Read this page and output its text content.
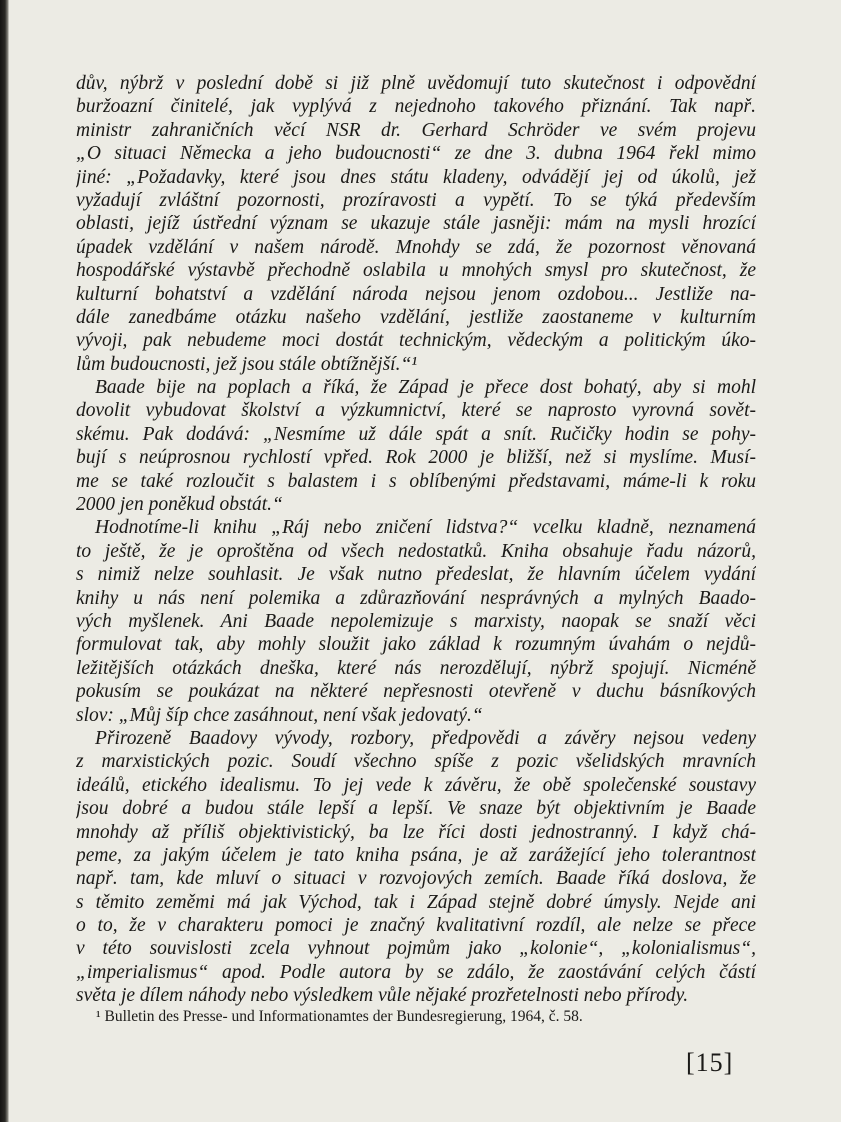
dův, nýbrž v poslední době si již plně uvědomují tuto skutečnost i odpovědní
buržoazní činitelé, jak vyplývá z nejednoho takového přiznání. Tak např.
ministr zahraničních věcí NSR dr. Gerhard Schröder ve svém projevu
„O situaci Německa a jeho budoucnosti“ ze dne 3. dubna 1964 řekl mimo
jiné: „Požadavky, které jsou dnes státu kladeny, odvádějí jej od úkolů, jež
vyžadují zvláštní pozornosti, prozíravosti a vypětí. To se týká především
oblasti, jejíž ústřední význam se ukazuje stále jasněji: mám na mysli hrozící
úpadek vzdělání v našem národě. Mnohdy se zdá, že pozornost věnovaná
hospodářské výstavbě přechodně oslabila u mnohých smysl pro skutečnost, že
kulturní bohatství a vzdělání národa nejsou jenom ozdobou... Jestliže na-
dále zanedbáme otázku našeho vzdělání, jestliže zaostaneme v kulturním
vývoji, pak nebudeme moci dostát technickým, vědeckým a politickým úko-
lům budoucnosti, jež jsou stále obtížnější.“¹
Baade bije na poplach a říká, že Západ je přece dost bohatý, aby si mohl
dovolit vybudovat školství a výzkumnictví, které se naprosto vyrovná sovět-
skému. Pak dodává: „Nesmíme už dále spát a snít. Ručičky hodin se pohy-
bují s neúprosnou rychlostí vpřed. Rok 2000 je bližší, než si myslíme. Musí-
me se také rozloučit s balastem i s oblíbenými představami, máme-li k roku
2000 jen poněkud obstát.“
Hodnotíme-li knihu „Ráj nebo zničení lidstva?“ vcelku kladně, neznamená
to ještě, že je oproštěna od všech nedostatků. Kniha obsahuje řadu názorů,
s nimiž nelze souhlasit. Je však nutno předeslat, že hlavním účelem vydání
knihy u nás není polemika a zdůrazňování nesprávných a mylných Baado-
vých myšlenek. Ani Baade nepolemizuje s marxisty, naopak se snaží věci
formulovat tak, aby mohly sloužit jako základ k rozumným úvahám o nejdů-
ležitějších otázkách dneška, které nás nerozdělují, nýbrž spojují. Nicméně
pokusím se poukázat na některé nepřesnosti otevřeně v duchu básníkových
slov: „Můj šíp chce zasáhnout, není však jedovatý.“
Přirozeně Baadovy vývody, rozbory, předpovědi a závěry nejsou vedeny
z marxistických pozic. Soudí všechno spíše z pozic všelidských mravních
ideálů, etického idealismu. To jej vede k závěru, že obě společenské soustavy
jsou dobré a budou stále lepší a lepší. Ve snaze být objektivním je Baade
mnohdy až příliš objektivistický, ba lze říci dosti jednostranný. I když chá-
peme, za jakým účelem je tato kniha psána, je až zarážející jeho tolerantnost
např. tam, kde mluví o situaci v rozvojových zemích. Baade říká doslova, že
s těmito zeměmi má jak Východ, tak i Západ stejně dobré úmysly. Nejde ani
o to, že v charakteru pomoci je značný kvalitativní rozdíl, ale nelze se přece
v této souvislosti zcela vyhnout pojmům jako „kolonie“, „kolonialismus“,
„imperialismus“ apod. Podle autora by se zdálo, že zaostávání celých částí
světa je dílem náhody nebo výsledkem vůle nějaké prozřetelnosti nebo přírody.
¹ Bulletin des Presse- und Informationamtes der Bundesregierung, 1964, č. 58.
[15]
